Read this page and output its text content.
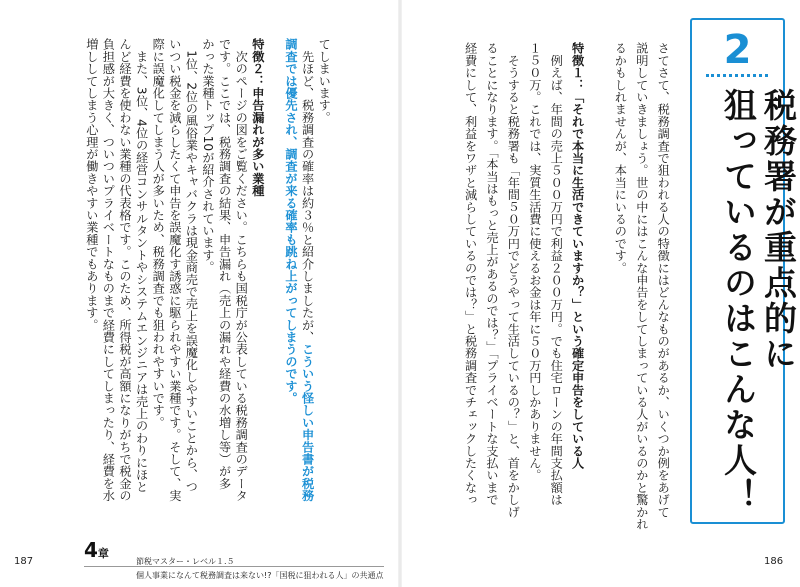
さてさて、税務調査で狙われる人の特徴にはどんなものがあるか、いくつか例をあげて
説明していきましょう。世の中にはこんな申告をしてしまっている人がいるのかと驚かれ
るかもしれませんが、本当にいるのです。
特徴１：「それで本当に生活できていますか？」という確定申告をしている人
　例えば、年間の売上５００万円で利益２００万円。でも住宅ローンの年間支払額は
１５０万。これでは、実質生活費に使えるお金は年に５０万円しかありません。
　そうすると税務署も「年間５０万円でどうやって生活しているの？」と、首をかしげ
ることになります。「本当はもっと売上があるのでは？」「プライベートな支払いまで
経費にして、利益をワザと減らしているのでは？」と税務調査でチェックしたくなっ
てしまいます。
　先ほど、税務調査の確率は約３％と紹介しましたが、こういう怪しい申告書が税務
調査では優先され、調査が来る確率も跳ね上がってしまうのです。
特徴２：申告漏れが多い業種
　次のページの図をご覧ください。こちらも国税庁が公表している税務調査のデータ
です。ここでは、税務調査の結果、申告漏れ（売上の漏れや経費の水増し等）が多
かった業種トップ10が紹介されています。
　1位、2位の風俗業やキャバクラは現金商売で売上を誤魔化しやすいことから、つ
いつい税金を減らしたくて申告を誤魔化す誘惑に駆られやすい業種です。そして、実
際に誤魔化してしまう人が多いため、税務調査でも狙われやすいです。
　また、3位、4位の経営コンサルタントやシステムエンジニアは売上のわりにほと
んど経費を使わない業種の代表格です。このため、所得税が高額になりがちで税金の
負担感が大きく、ついついプライベートなものまで経費にしてしまったり、経費を水
増ししてしまう心理が働きやすい業種でもあります。	2
税務署が重点的に
狙っているのはこんな人！
187	186
4章
節税マスター・レベル１.５
個人事業になんて税務調査は来ない!?「国税に狙われる人」の共通点
